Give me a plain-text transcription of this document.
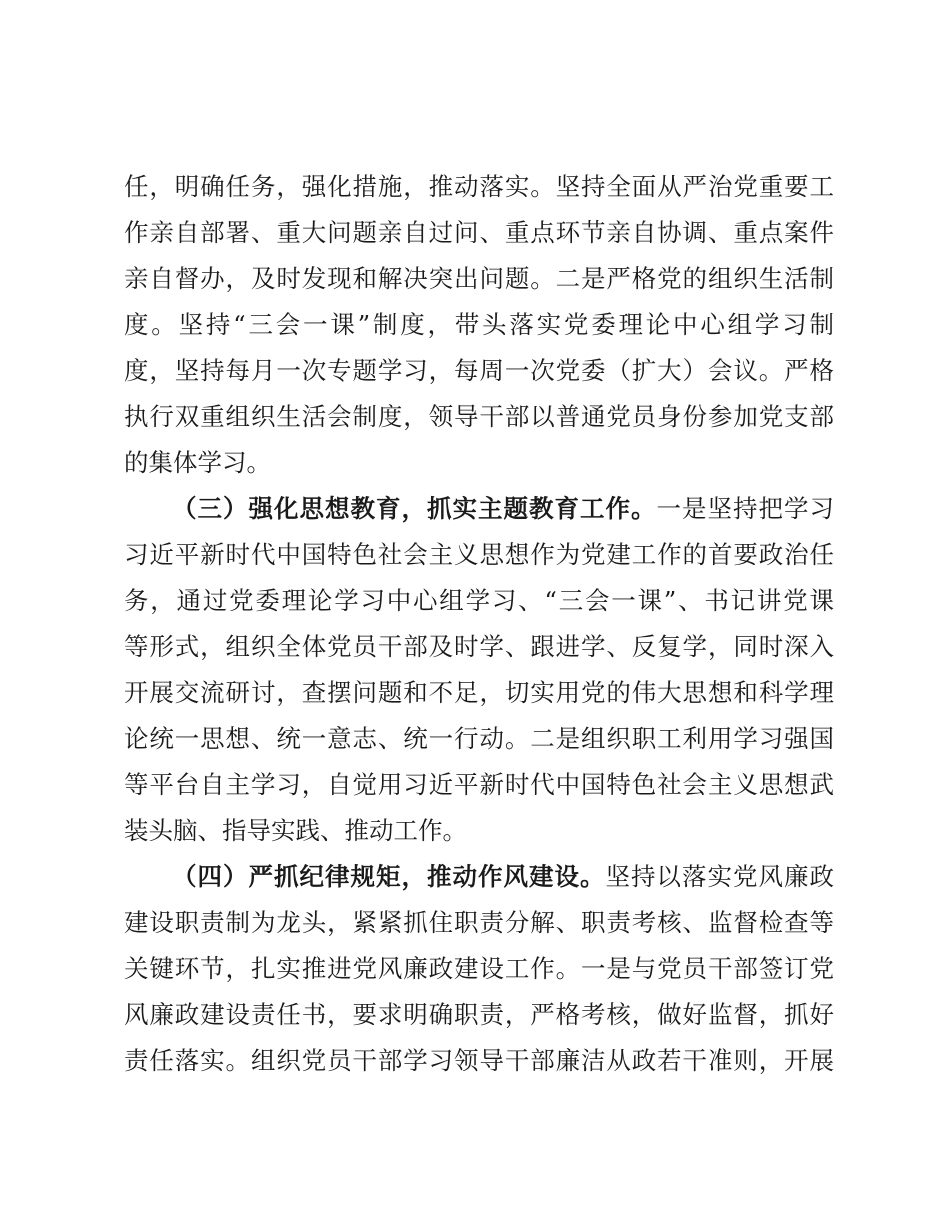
任，明确任务，强化措施，推动落实。坚持全面从严治党重要工
作亲自部署、重大问题亲自过问、重点环节亲自协调、重点案件
亲自督办，及时发现和解决突出问题。二是严格党的组织生活制
度。坚持“三会一课”制度，带头落实党委理论中心组学习制
度，坚持每月一次专题学习，每周一次党委（扩大）会议。严格
执行双重组织生活会制度，领导干部以普通党员身份参加党支部
的集体学习。
（三）强化思想教育，抓实主题教育工作。一是坚持把学习
习近平新时代中国特色社会主义思想作为党建工作的首要政治任
务，通过党委理论学习中心组学习、“三会一课”、书记讲党课
等形式，组织全体党员干部及时学、跟进学、反复学，同时深入
开展交流研讨，查摆问题和不足，切实用党的伟大思想和科学理
论统一思想、统一意志、统一行动。二是组织职工利用学习强国
等平台自主学习，自觉用习近平新时代中国特色社会主义思想武
装头脑、指导实践、推动工作。
（四）严抓纪律规矩，推动作风建设。坚持以落实党风廉政
建设职责制为龙头，紧紧抓住职责分解、职责考核、监督检查等
关键环节，扎实推进党风廉政建设工作。一是与党员干部签订党
风廉政建设责任书，要求明确职责，严格考核，做好监督，抓好
责任落实。组织党员干部学习领导干部廉洁从政若干准则，开展
